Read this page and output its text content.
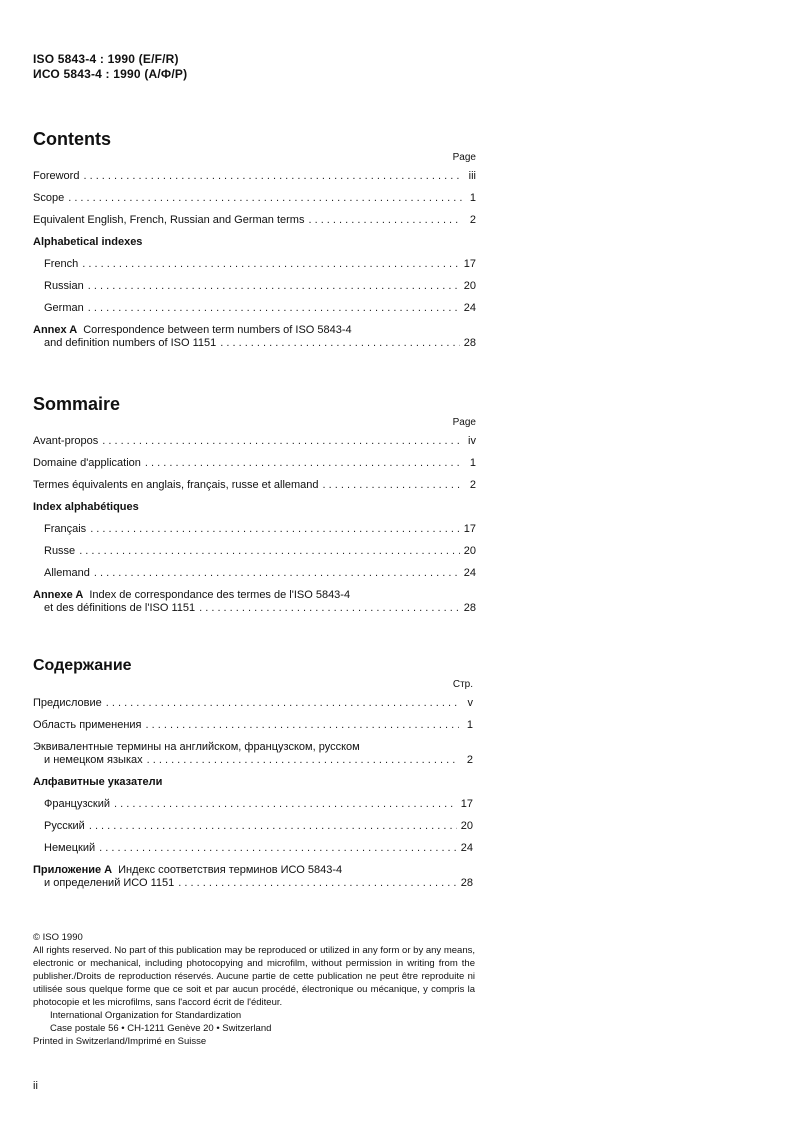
ISO 5843-4 : 1990 (E/F/R)
ИСО 5843-4 : 1990 (А/Ф/Р)
Contents
Page
Foreword . . .	iii
Scope . . .	1
Equivalent English, French, Russian and German terms . . .	2
Alphabetical indexes
French . . .	17
Russian . . .	20
German . . .	24
Annex A Correspondence between term numbers of ISO 5843-4
and definition numbers of ISO 1151 . . .	28
Sommaire
Page
Avant-propos . . .	iv
Domaine d'application . . .	1
Termes équivalents en anglais, français, russe et allemand . . .	2
Index alphabétiques
Français . . .	17
Russe . . .	20
Allemand . . .	24
Annexe A Index de correspondance des termes de l'ISO 5843-4
et des définitions de l'ISO 1151 . . .	28
Содержание
Стр.
Предисловие . . .	v
Область применения . . .	1
Эквивалентные термины на английском, французском, русском
и немецком языках . . .	2
Алфавитные указатели
Французский . . .	17
Русский . . .	20
Немецкий . . .	24
Приложение А Индекс соответствия терминов ИСО 5843-4
и определений ИСО 1151 . . .	28
© ISO 1990
All rights reserved. No part of this publication may be reproduced or utilized in any form or by any means, electronic or mechanical, including photocopying and microfilm, without permission in writing from the publisher./Droits de reproduction réservés. Aucune partie de cette publication ne peut être reproduite ni utilisée sous quelque forme que ce soit et par aucun procédé, électronique ou mécanique, y compris la photocopie et les microfilms, sans l'accord écrit de l'éditeur.
International Organization for Standardization
Case postale 56 • CH-1211 Genève 20 • Switzerland
Printed in Switzerland/Imprimé en Suisse
ii
